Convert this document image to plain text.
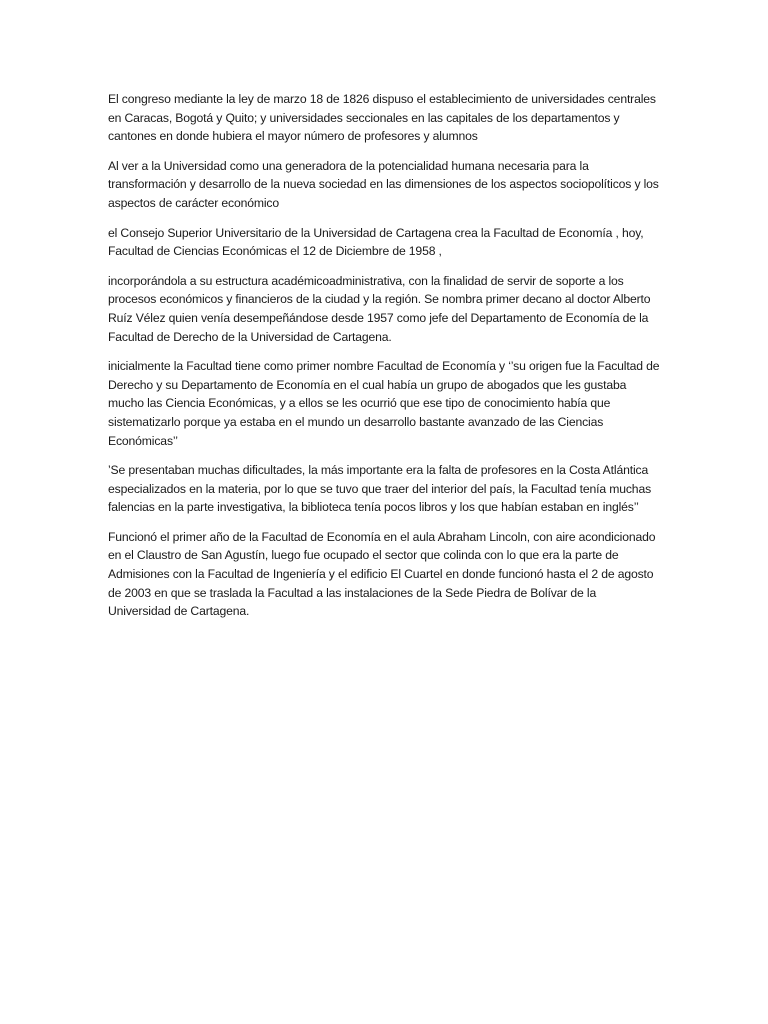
El congreso mediante la ley de marzo 18 de 1826 dispuso el establecimiento de universidades centrales en Caracas, Bogotá y Quito; y universidades seccionales en las capitales de los departamentos y cantones en donde hubiera el mayor número de profesores y alumnos

Al ver a la Universidad como una generadora de la potencialidad humana necesaria para la transformación y desarrollo de la nueva sociedad en las dimensiones de los aspectos sociopolíticos y los aspectos de carácter económico

el Consejo Superior Universitario de la Universidad de Cartagena crea la Facultad de Economía , hoy, Facultad de Ciencias Económicas el 12 de Diciembre de 1958 ,

incorporándola a su estructura académicoadministrativa, con la finalidad de servir de soporte a los procesos económicos y financieros de la ciudad y la región. Se nombra primer decano al doctor Alberto Ruíz Vélez quien venía desempeñándose desde 1957 como jefe del Departamento de Economía de la Facultad de Derecho de la Universidad de Cartagena.

inicialmente la Facultad tiene como primer nombre Facultad de Economía y ‘’su origen fue la Facultad de Derecho y su Departamento de Economía en el cual había un grupo de abogados que les gustaba mucho las Ciencia Económicas, y a ellos se les ocurrió que ese tipo de conocimiento había que sistematizarlo porque ya estaba en el mundo un desarrollo bastante avanzado de las Ciencias Económicas’’

’Se presentaban muchas dificultades, la más importante era la falta de profesores en la Costa Atlántica especializados en la materia, por lo que se tuvo que traer del interior del país, la Facultad tenía muchas falencias en la parte investigativa, la biblioteca tenía pocos libros y los que habían estaban en inglés’’

Funcionó el primer año de la Facultad de Economía en el aula Abraham Lincoln, con aire acondicionado en el Claustro de San Agustín, luego fue ocupado el sector que colinda con lo que era la parte de Admisiones con la Facultad de Ingeniería y el edificio El Cuartel en donde funcionó hasta el 2 de agosto de 2003 en que se traslada la Facultad a las instalaciones de la Sede Piedra de Bolívar de la Universidad de Cartagena.
